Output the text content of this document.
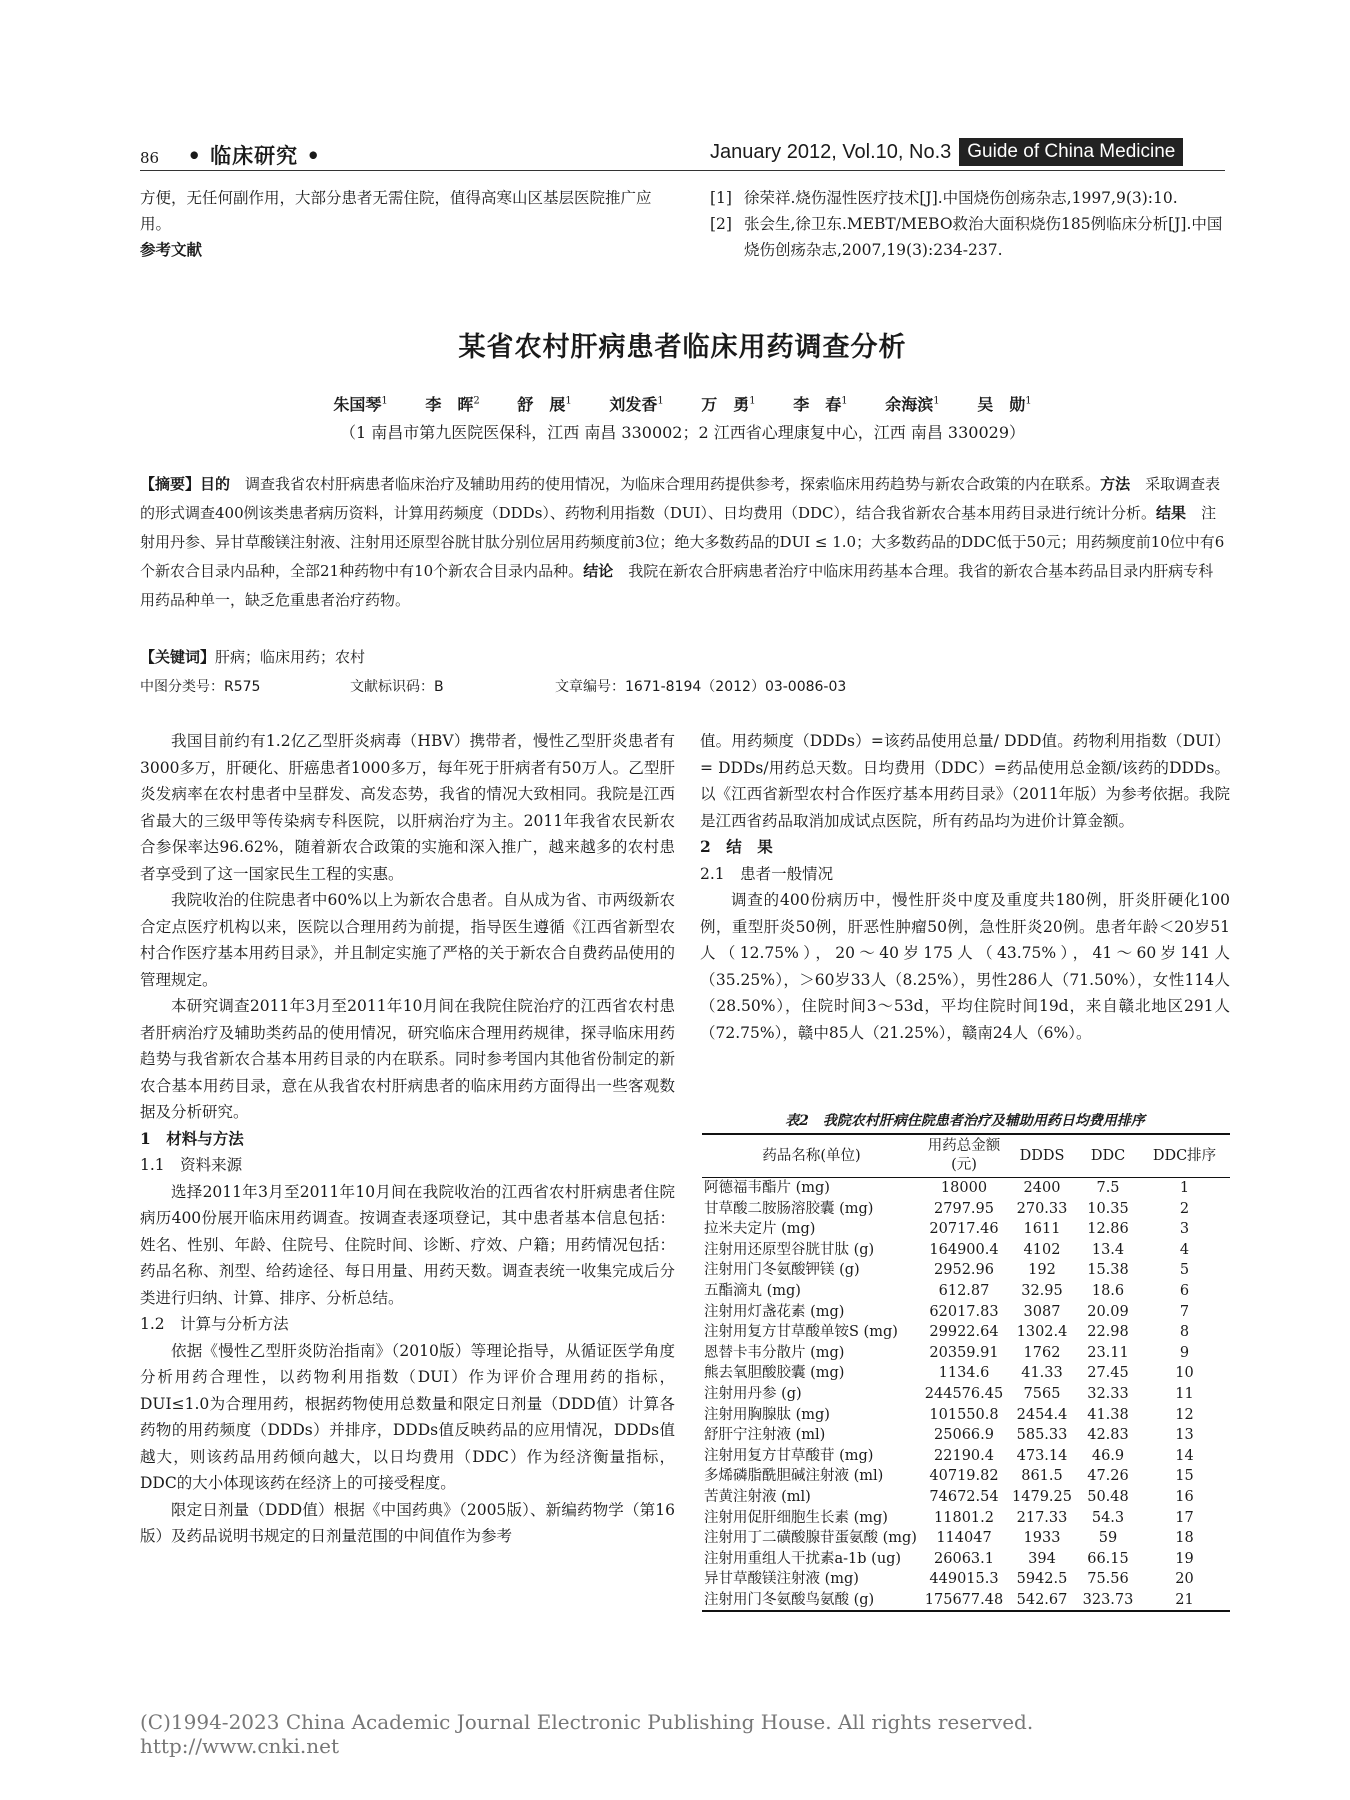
86 • 临床研究 •	January 2012, Vol.10, No.3 Guide of China Medicine
方便，无任何副作用，大部分患者无需住院，值得高寒山区基层医院推广应用。
参考文献
[1] 徐荣祥.烧伤湿性医疗技术[J].中国烧伤创疡杂志,1997,9(3):10.
[2] 张会生,徐卫东.MEBT/MEBO救治大面积烧伤185例临床分析[J].中国烧伤创疡杂志,2007,19(3):234-237.
某省农村肝病患者临床用药调查分析
朱国琴$^1$ 李　晖$^2$ 舒　展$^1$ 刘发香$^1$ 万　勇$^1$ 李　春$^1$ 余海滨$^1$ 吴　勋$^1$
（1 南昌市第九医院医保科，江西 南昌 330002；2 江西省心理康复中心，江西 南昌 330029）
【摘要】目的　 调查我省农村肝病患者临床治疗及辅助用药的使用情况，为临床合理用药提供参考，探索临床用药趋势与新农合政策的内在联系。方法　 采取调查表的形式调查400例该类患者病历资料，计算用药频度（DDDs）、药物利用指数（DUI）、日均费用（DDC），结合我省新农合基本用药目录进行统计分析。结果　 注射用丹参、异甘草酸镁注射液、注射用还原型谷胱甘肽分别位居用药频度前3位；绝大多数药品的DUI ≤ 1.0；大多数药品的DDC低于50元；用药频度前10位中有6个新农合目录内品种，全部21种药物中有10个新农合目录内品种。结论　 我院在新农合肝病患者治疗中临床用药基本合理。我省的新农合基本药品目录内肝病专科用药品种单一，缺乏危重患者治疗药物。
【关键词】肝病；临床用药；农村
中图分类号：R575	文献标识码：B	文章编号：1671-8194（2012）03-0086-03

我国目前约有1.2亿乙型肝炎病毒（HBV）携带者，慢性乙型肝炎患者有3000多万，肝硬化、肝癌患者1000多万，每年死于肝病者有50万人。乙型肝炎发病率在农村患者中呈群发、高发态势，我省的情况大致相同。我院是江西省最大的三级甲等传染病专科医院，以肝病治疗为主。2011年我省农民新农合参保率达96.62%，随着新农合政策的实施和深入推广，越来越多的农村患者享受到了这一国家民生工程的实惠。

我院收治的住院患者中60%以上为新农合患者。自从成为省、市两级新农合定点医疗机构以来，医院以合理用药为前提，指导医生遵循《江西省新型农村合作医疗基本用药目录》，并且制定实施了严格的关于新农合自费药品使用的管理规定。

本研究调查2011年3月至2011年10月间在我院住院治疗的江西省农村患者肝病治疗及辅助类药品的使用情况，研究临床合理用药规律，探寻临床用药趋势与我省新农合基本用药目录的内在联系。同时参考国内其他省份制定的新农合基本用药目录，意在从我省农村肝病患者的临床用药方面得出一些客观数据及分析研究。

1　材料与方法
1.1　资料来源

选择2011年3月至2011年10月间在我院收治的江西省农村肝病患者住院病历400份展开临床用药调查。按调查表逐项登记，其中患者基本信息包括：姓名、性别、年龄、住院号、住院时间、诊断、疗效、户籍；用药情况包括：药品名称、剂型、给药途径、每日用量、用药天数。调查表统一收集完成后分类进行归纳、计算、排序、分析总结。

1.2　计算与分析方法

依据《慢性乙型肝炎防治指南》（2010版）等理论指导，从循证医学角度分析用药合理性，以药物利用指数（DUI）作为评价合理用药的指标，DUI≤1.0为合理用药，根据药物使用总数量和限定日剂量（DDD值）计算各药物的用药频度（DDDs）并排序，DDDs值反映药品的应用情况，DDDs值越大，则该药品用药倾向越大，以日均费用（DDC）作为经济衡量指标，DDC的大小体现该药在经济上的可接受程度。

限定日剂量（DDD值）根据《中国药典》（2005版）、新编药物学（第16版）及药品说明书规定的日剂量范围的中间值作为参考

值。用药频度（DDDs）=该药品使用总量/ DDD值。药物利用指数（DUI）= DDDs/用药总天数。日均费用（DDC）=药品使用总金额/该药的DDDs。以《江西省新型农村合作医疗基本用药目录》（2011年版）为参考依据。我院是江西省药品取消加成试点医院，所有药品均为进价计算金额。

2　结　果
2.1　患者一般情况

调查的400份病历中，慢性肝炎中度及重度共180例，肝炎肝硬化100例，重型肝炎50例，肝恶性肿瘤50例，急性肝炎20例。患者年龄＜20岁51人（12.75%），20～40岁175人（43.75%），41～60岁141人（35.25%），＞60岁33人（8.25%），男性286人（71.50%），女性114人（28.50%），住院时间3～53d，平均住院时间19d，来自赣北地区291人（72.75%），赣中85人（21.25%），赣南24人（6%）。

表2　我院农村肝病住院患者治疗及辅助用药日均费用排序
药品名称(单位)	用药总金额(元)	DDDS	DDC	DDC排序
阿德福韦酯片 (mg)	18000	2400	7.5	1
甘草酸二胺肠溶胶囊 (mg)	2797.95	270.33	10.35	2
拉米夫定片 (mg)	20717.46	1611	12.86	3
注射用还原型谷胱甘肽 (g)	164900.4	4102	13.4	4
注射用门冬氨酸钾镁 (g)	2952.96	192	15.38	5
五酯滴丸 (mg)	612.87	32.95	18.6	6
注射用灯盏花素 (mg)	62017.83	3087	20.09	7
注射用复方甘草酸单铵S (mg)	29922.64	1302.4	22.98	8
恩替卡韦分散片 (mg)	20359.91	1762	23.11	9
熊去氧胆酸胶囊 (mg)	1134.6	41.33	27.45	10
注射用丹参 (g)	244576.45	7565	32.33	11
注射用胸腺肽 (mg)	101550.8	2454.4	41.38	12
舒肝宁注射液 (ml)	25066.9	585.33	42.83	13
注射用复方甘草酸苷 (mg)	22190.4	473.14	46.9	14
多烯磷脂酰胆碱注射液 (ml)	40719.82	861.5	47.26	15
苦黄注射液 (ml)	74672.54	1479.25	50.48	16
注射用促肝细胞生长素 (mg)	11801.2	217.33	54.3	17
注射用丁二磺酸腺苷蛋氨酸 (mg)	114047	1933	59	18
注射用重组人干扰素a-1b (ug)	26063.1	394	66.15	19
异甘草酸镁注射液 (mg)	449015.3	5942.5	75.56	20
注射用门冬氨酸鸟氨酸 (g)	175677.48	542.67	323.73	21
(C)1994-2023 China Academic Journal Electronic Publishing House. All rights reserved. http://www.cnki.net
